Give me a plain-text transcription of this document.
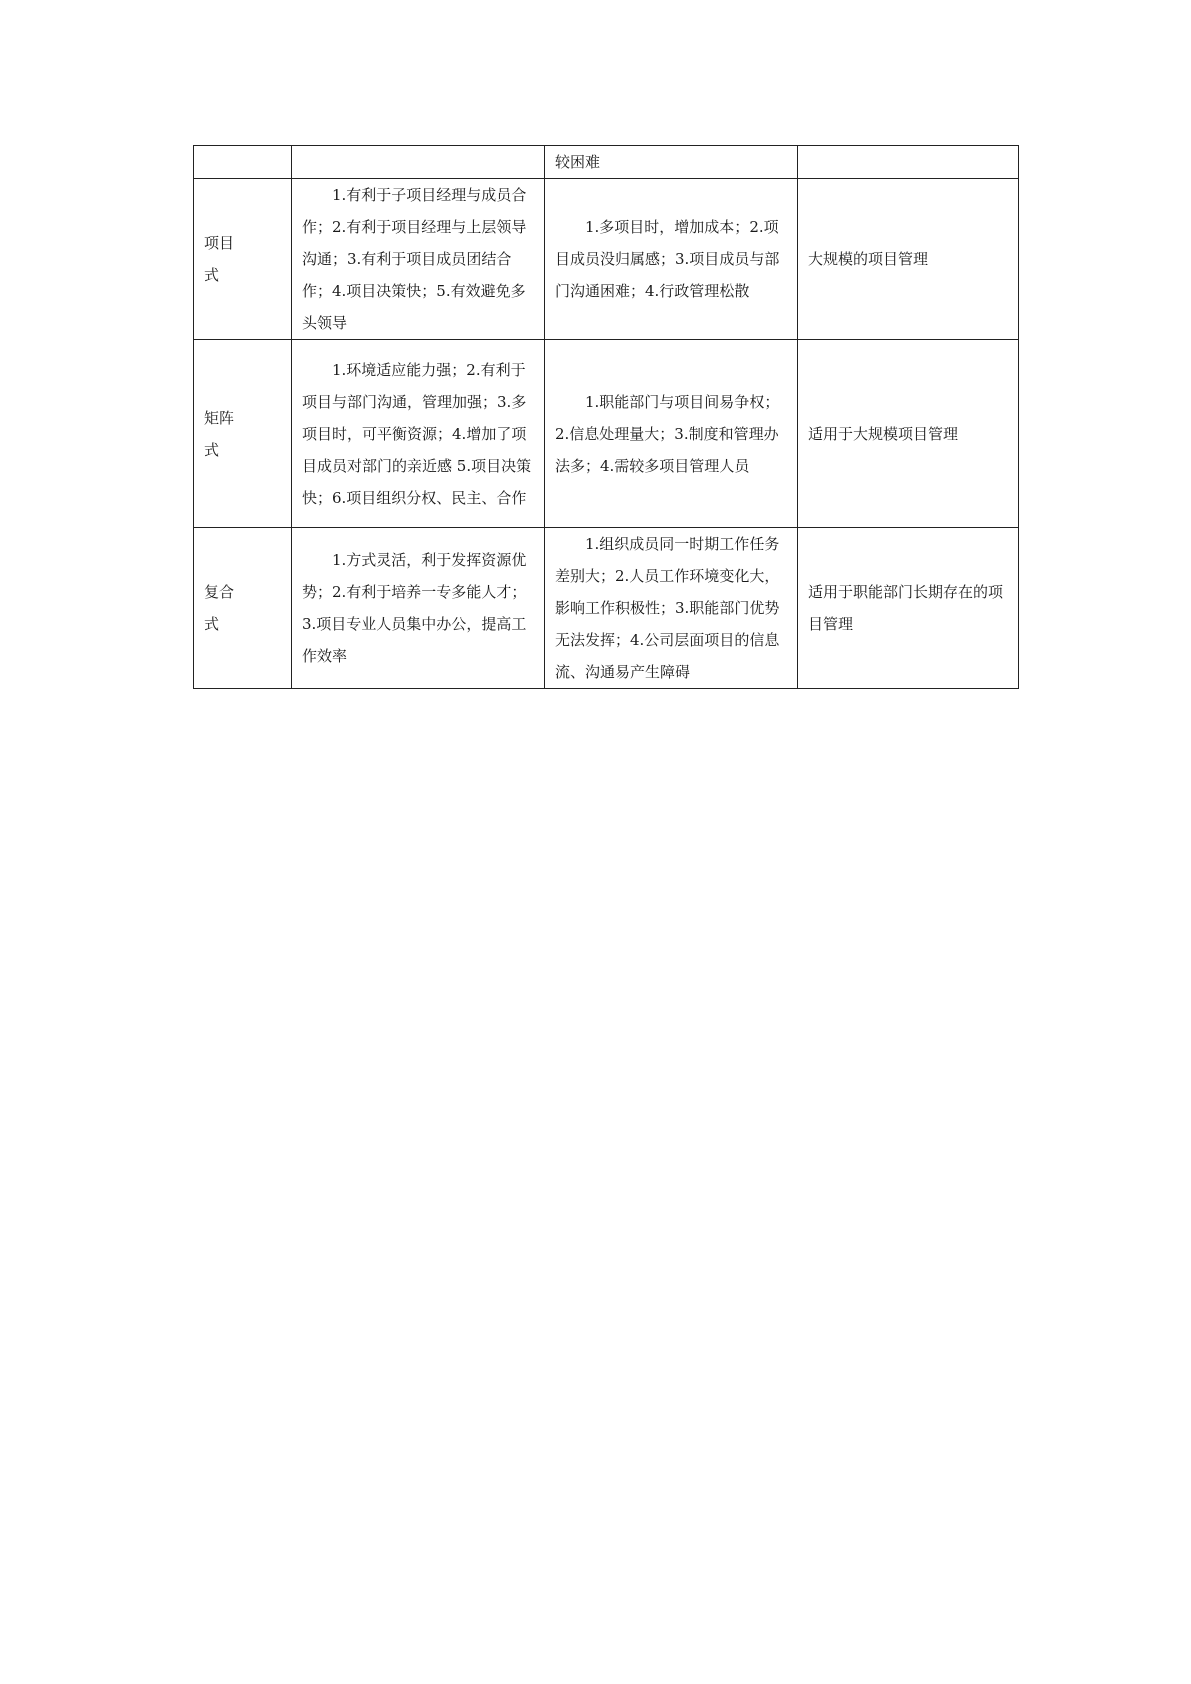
		较困难	

项目式	1.有利于子项目经理与成员合作；2.有利于项目经理与上层领导沟通；3.有利于项目成员团结合作；4.项目决策快；5.有效避免多头领导	1.多项目时，增加成本；2.项目成员没归属感；3.项目成员与部门沟通困难；4.行政管理松散	大规模的项目管理

矩阵式	1.环境适应能力强；2.有利于项目与部门沟通，管理加强；3.多项目时，可平衡资源；4.增加了项目成员对部门的亲近感 5.项目决策快；6.项目组织分权、民主、合作	1.职能部门与项目间易争权；2.信息处理量大；3.制度和管理办法多；4.需较多项目管理人员	适用于大规模项目管理

复合式	1.方式灵活，利于发挥资源优势；2.有利于培养一专多能人才；3.项目专业人员集中办公，提高工作效率	1.组织成员同一时期工作任务差别大；2.人员工作环境变化大，影响工作积极性；3.职能部门优势无法发挥；4.公司层面项目的信息流、沟通易产生障碍	适用于职能部门长期存在的项目管理
